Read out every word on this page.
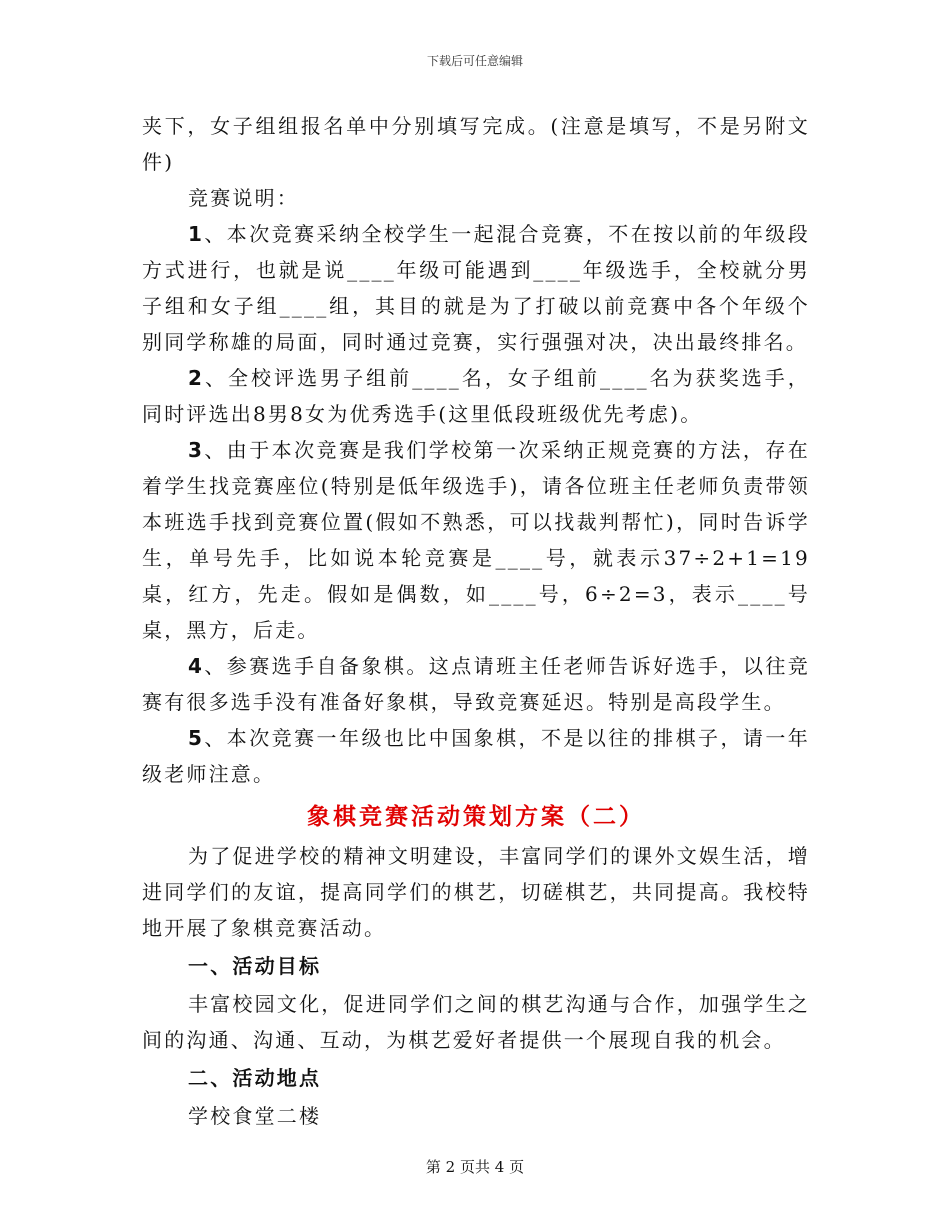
下载后可任意编辑

夹下，女子组组报名单中分别填写完成。(注意是填写，不是另附文件)

竞赛说明：

1、本次竞赛采纳全校学生一起混合竞赛，不在按以前的年级段方式进行，也就是说____年级可能遇到____年级选手，全校就分男子组和女子组____组，其目的就是为了打破以前竞赛中各个年级个别同学称雄的局面，同时通过竞赛，实行强强对决，决出最终排名。

2、全校评选男子组前____名，女子组前____名为获奖选手，同时评选出8男8女为优秀选手(这里低段班级优先考虑)。

3、由于本次竞赛是我们学校第一次采纳正规竞赛的方法，存在着学生找竞赛座位(特别是低年级选手)，请各位班主任老师负责带领本班选手找到竞赛位置(假如不熟悉，可以找裁判帮忙)，同时告诉学生，单号先手，比如说本轮竞赛是____号，就表示37÷2+1=19桌，红方，先走。假如是偶数，如____号，6÷2=3，表示____号桌，黑方，后走。

4、参赛选手自备象棋。这点请班主任老师告诉好选手，以往竞赛有很多选手没有准备好象棋，导致竞赛延迟。特别是高段学生。

5、本次竞赛一年级也比中国象棋，不是以往的排棋子，请一年级老师注意。

象棋竞赛活动策划方案（二）

为了促进学校的精神文明建设，丰富同学们的课外文娱生活，增进同学们的友谊，提高同学们的棋艺，切磋棋艺，共同提高。我校特地开展了象棋竞赛活动。

一、活动目标

丰富校园文化，促进同学们之间的棋艺沟通与合作，加强学生之间的沟通、沟通、互动，为棋艺爱好者提供一个展现自我的机会。

二、活动地点

学校食堂二楼

第 2 页共 4 页
